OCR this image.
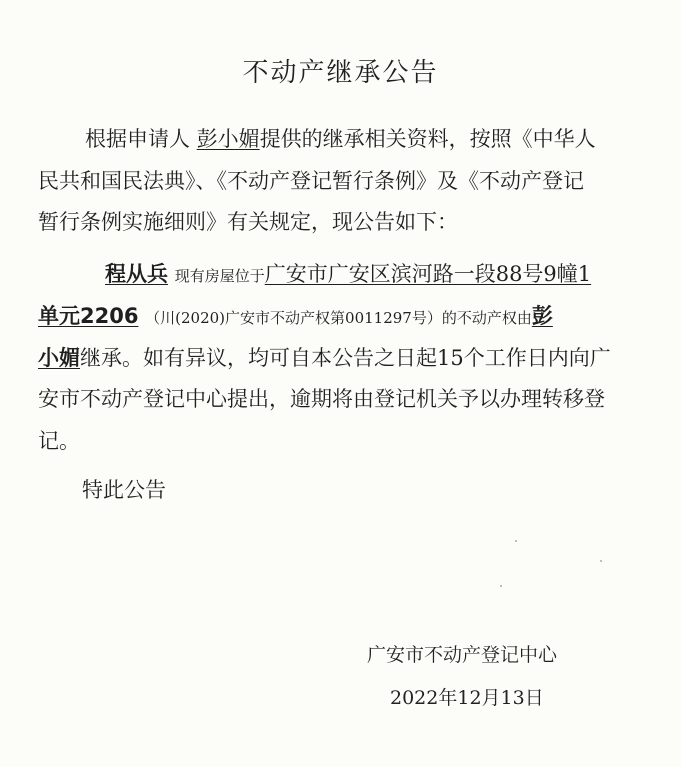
不动产继承公告
根据申请人 彭小媚提供的继承相关资料，按照《中华人
民共和国民法典》、《不动产登记暂行条例》及《不动产登记
暂行条例实施细则》有关规定，现公告如下：
程从兵 现有房屋位于广安市广安区滨河路一段88号9幢1
单元2206 （川(2020)广安市不动产权第0011297号）的不动产权由彭
小媚继承。如有异议，均可自本公告之日起15个工作日内向广
安市不动产登记中心提出，逾期将由登记机关予以办理转移登
记。
特此公告
广安市不动产登记中心
2022年12月13日
